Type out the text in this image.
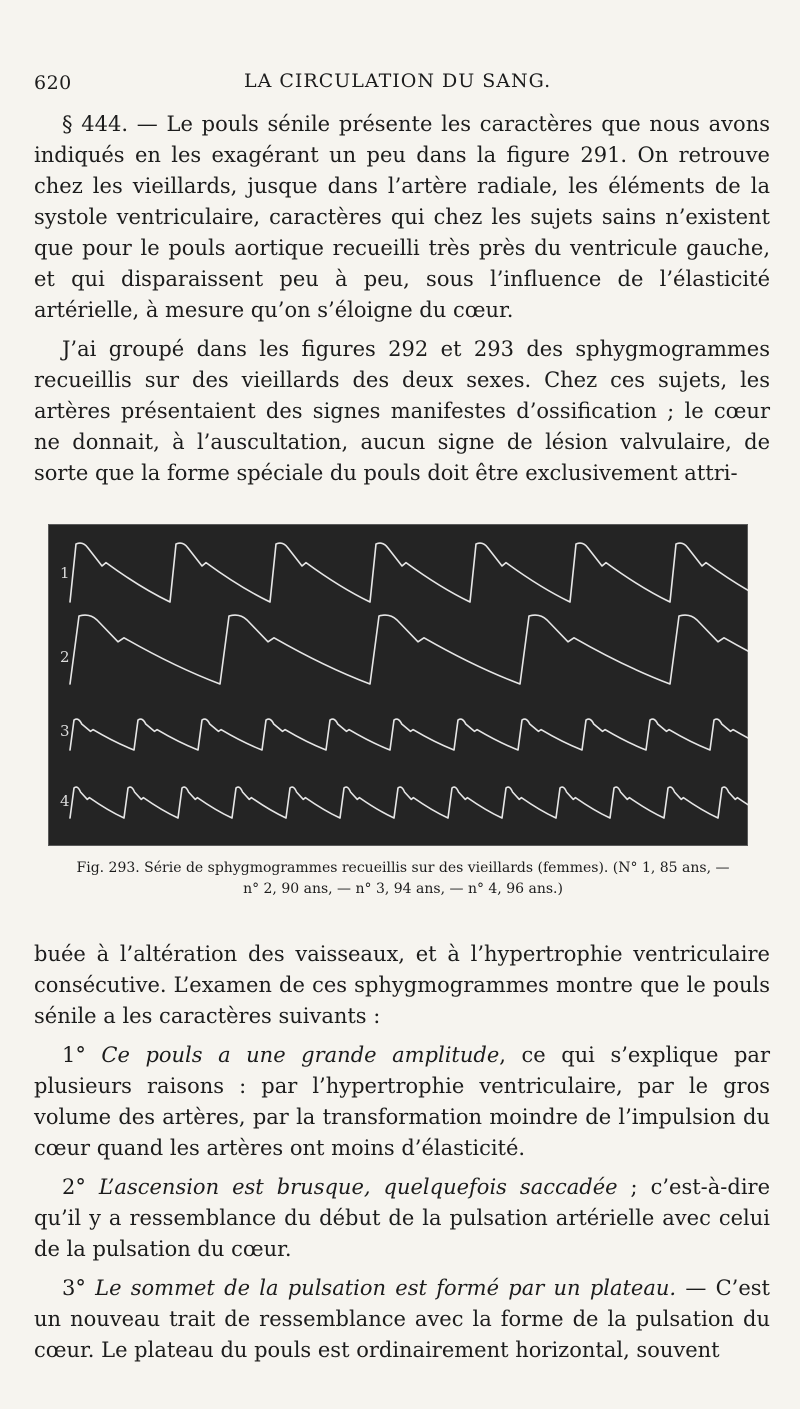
620	LA CIRCULATION DU SANG.

§ 444. — Le pouls sénile présente les caractères que nous avons indiqués en les exagérant un peu dans la figure 291. On retrouve chez les vieillards, jusque dans l’artère radiale, les éléments de la systole ventriculaire, caractères qui chez les sujets sains n’existent que pour le pouls aortique recueilli très près du ventricule gauche, et qui disparaissent peu à peu, sous l’influence de l’élasticité artérielle, à mesure qu’on s’éloigne du cœur.

J’ai groupé dans les figures 292 et 293 des sphygmogrammes recueillis sur des vieillards des deux sexes. Chez ces sujets, les artères présentaient des signes manifestes d’ossification ; le cœur ne donnait, à l’auscultation, aucun signe de lésion valvulaire, de sorte que la forme spéciale du pouls doit être exclusivement attri-

1
2
3
4
Fig. 293. Série de sphygmogrammes recueillis sur des vieillards (femmes). (N° 1, 85 ans, —
n° 2, 90 ans, — n° 3, 94 ans, — n° 4, 96 ans.)

buée à l’altération des vaisseaux, et à l’hypertrophie ventriculaire consécutive. L’examen de ces sphygmogrammes montre que le pouls sénile a les caractères suivants :

1° Ce pouls a une grande amplitude, ce qui s’explique par plusieurs raisons : par l’hypertrophie ventriculaire, par le gros volume des artères, par la transformation moindre de l’impulsion du cœur quand les artères ont moins d’élasticité.

2° L’ascension est brusque, quelquefois saccadée ; c’est-à-dire qu’il y a ressemblance du début de la pulsation artérielle avec celui de la pulsation du cœur.

3° Le sommet de la pulsation est formé par un plateau. — C’est un nouveau trait de ressemblance avec la forme de la pulsation du cœur. Le plateau du pouls est ordinairement horizontal, souvent
